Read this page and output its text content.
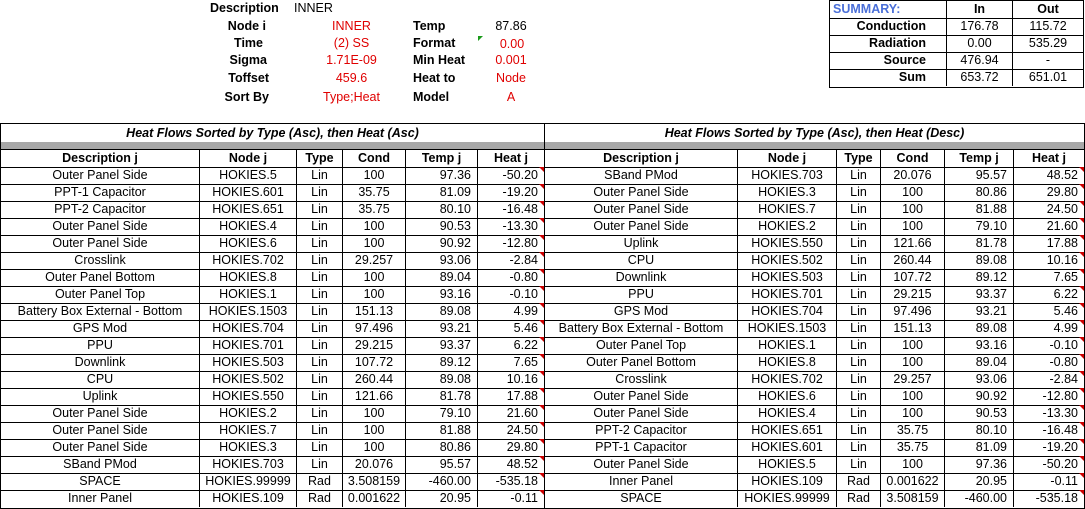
Description INNER
Node i	INNER
Time	(2) SS
Sigma	1.71E-09
Toffset	459.6
Sort By	Type;Heat
Temp	87.86
Format	0.00
Min Heat	0.001
Heat to	Node
Model	A
SUMMARY:	In	Out
Conduction	176.78	115.72
Radiation	0.00	535.29
Source	476.94	-
Sum	653.72	651.01
Heat Flows Sorted by Type (Asc), then Heat (Asc)
Description j	Node j	Type	Cond	Temp j	Heat j
Outer Panel Side	HOKIES.5	Lin	100	97.36	-50.20
PPT-1 Capacitor	HOKIES.601	Lin	35.75	81.09	-19.20
PPT-2 Capacitor	HOKIES.651	Lin	35.75	80.10	-16.48
Outer Panel Side	HOKIES.4	Lin	100	90.53	-13.30
Outer Panel Side	HOKIES.6	Lin	100	90.92	-12.80
Crosslink	HOKIES.702	Lin	29.257	93.06	-2.84
Outer Panel Bottom	HOKIES.8	Lin	100	89.04	-0.80
Outer Panel Top	HOKIES.1	Lin	100	93.16	-0.10
Battery Box External - Bottom	HOKIES.1503	Lin	151.13	89.08	4.99
GPS Mod	HOKIES.704	Lin	97.496	93.21	5.46
PPU	HOKIES.701	Lin	29.215	93.37	6.22
Downlink	HOKIES.503	Lin	107.72	89.12	7.65
CPU	HOKIES.502	Lin	260.44	89.08	10.16
Uplink	HOKIES.550	Lin	121.66	81.78	17.88
Outer Panel Side	HOKIES.2	Lin	100	79.10	21.60
Outer Panel Side	HOKIES.7	Lin	100	81.88	24.50
Outer Panel Side	HOKIES.3	Lin	100	80.86	29.80
SBand PMod	HOKIES.703	Lin	20.076	95.57	48.52
SPACE	HOKIES.99999	Rad	3.508159	-460.00	-535.18
Inner Panel	HOKIES.109	Rad	0.001622	20.95	-0.11
Heat Flows Sorted by Type (Asc), then Heat (Desc)
Description j	Node j	Type	Cond	Temp j	Heat j
SBand PMod	HOKIES.703	Lin	20.076	95.57	48.52
Outer Panel Side	HOKIES.3	Lin	100	80.86	29.80
Outer Panel Side	HOKIES.7	Lin	100	81.88	24.50
Outer Panel Side	HOKIES.2	Lin	100	79.10	21.60
Uplink	HOKIES.550	Lin	121.66	81.78	17.88
CPU	HOKIES.502	Lin	260.44	89.08	10.16
Downlink	HOKIES.503	Lin	107.72	89.12	7.65
PPU	HOKIES.701	Lin	29.215	93.37	6.22
GPS Mod	HOKIES.704	Lin	97.496	93.21	5.46
Battery Box External - Bottom	HOKIES.1503	Lin	151.13	89.08	4.99
Outer Panel Top	HOKIES.1	Lin	100	93.16	-0.10
Outer Panel Bottom	HOKIES.8	Lin	100	89.04	-0.80
Crosslink	HOKIES.702	Lin	29.257	93.06	-2.84
Outer Panel Side	HOKIES.6	Lin	100	90.92	-12.80
Outer Panel Side	HOKIES.4	Lin	100	90.53	-13.30
PPT-2 Capacitor	HOKIES.651	Lin	35.75	80.10	-16.48
PPT-1 Capacitor	HOKIES.601	Lin	35.75	81.09	-19.20
Outer Panel Side	HOKIES.5	Lin	100	97.36	-50.20
Inner Panel	HOKIES.109	Rad	0.001622	20.95	-0.11
SPACE	HOKIES.99999	Rad	3.508159	-460.00	-535.18
